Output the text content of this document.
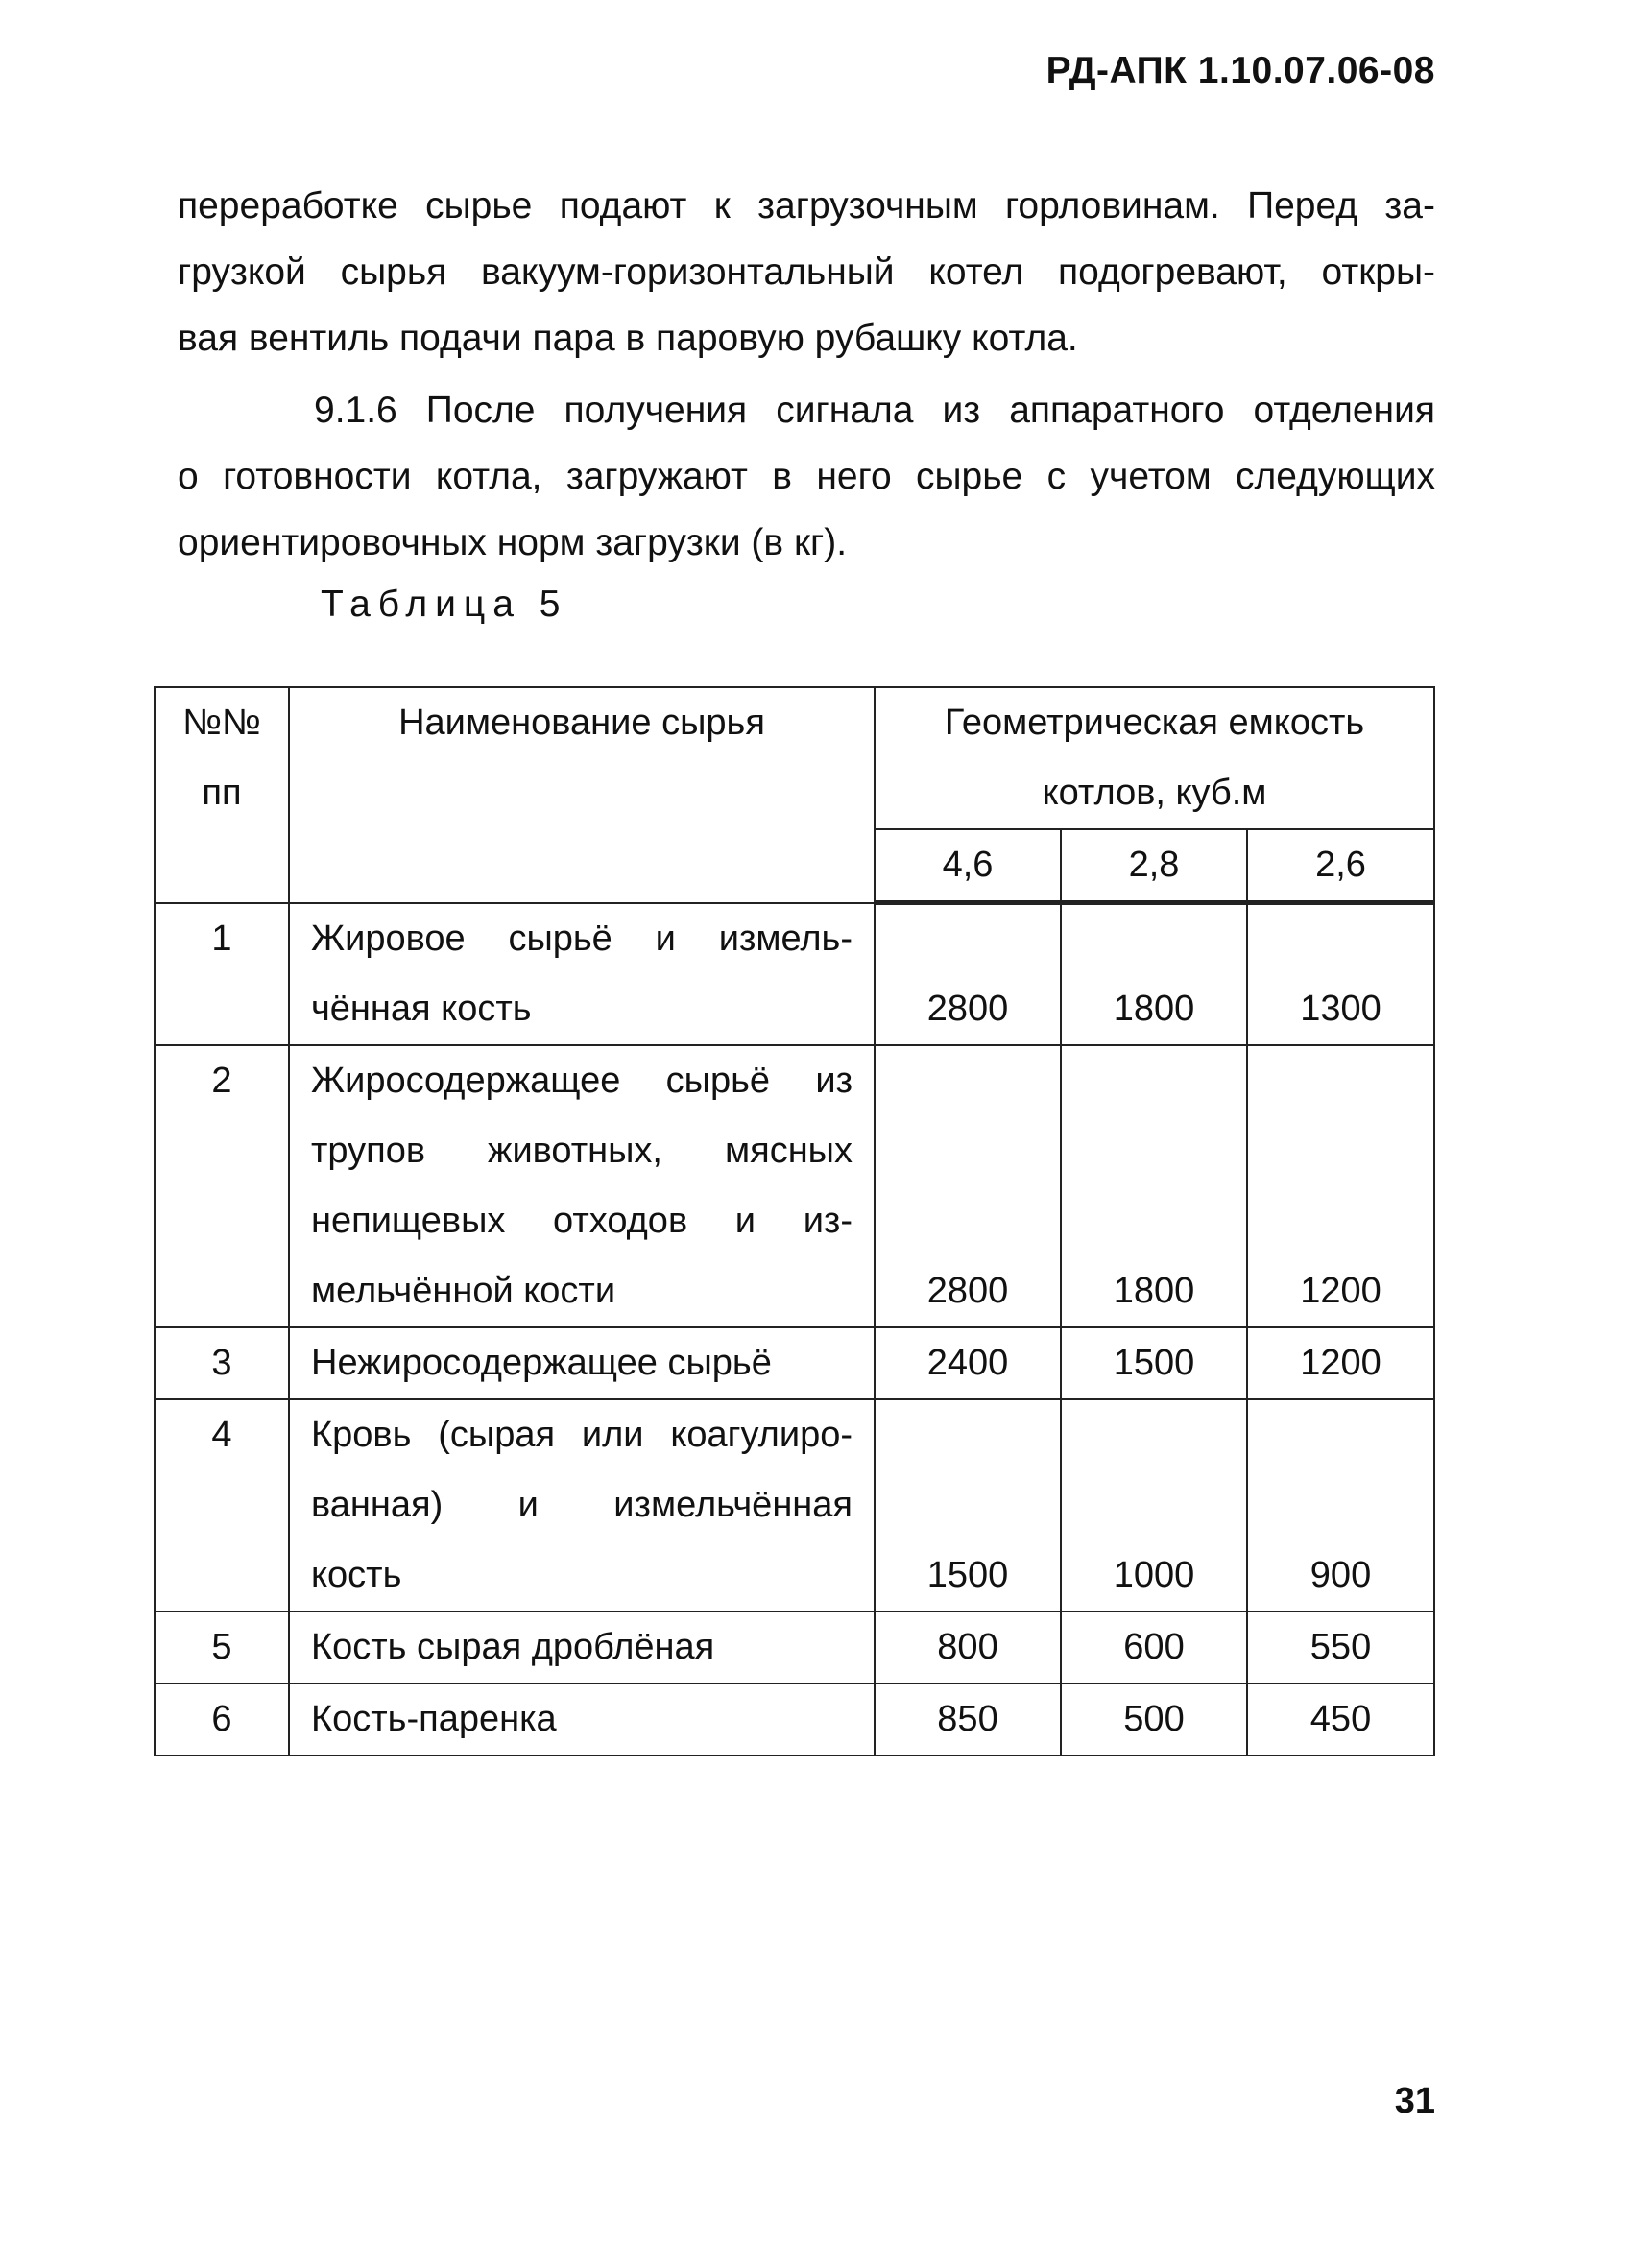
РД-АПК 1.10.07.06-08

переработке сырье подают к загрузочным горловинам. Перед за-
грузкой сырья вакуум-горизонтальный котел подогревают, откры-
вая вентиль подачи пара в паровую рубашку котла.

9.1.6 После получения сигнала из аппаратного отделения
о готовности котла, загружают в него сырье с учетом следующих
ориентировочных норм загрузки (в кг).

Таблица 5
№№
пп	Наименование сырья	Геометрическая емкость
котлов, куб.м		

		4,6	2,8	2,6
1	Жировое сырьё и измель-
чённая кость	2800	1800	1300
2	Жиросодержащее сырьё из
трупов животных, мясных
непищевых отходов и из-
мельчённой кости	2800	1800	1200
3	Нежиросодержащее сырьё	2400	1500	1200
4	Кровь (сырая или коагулиро-
ванная) и измельчённая
кость	1500	1000	900
5	Кость сырая дроблёная	800	600	550
6	Кость-паренка	850	500	450
31
